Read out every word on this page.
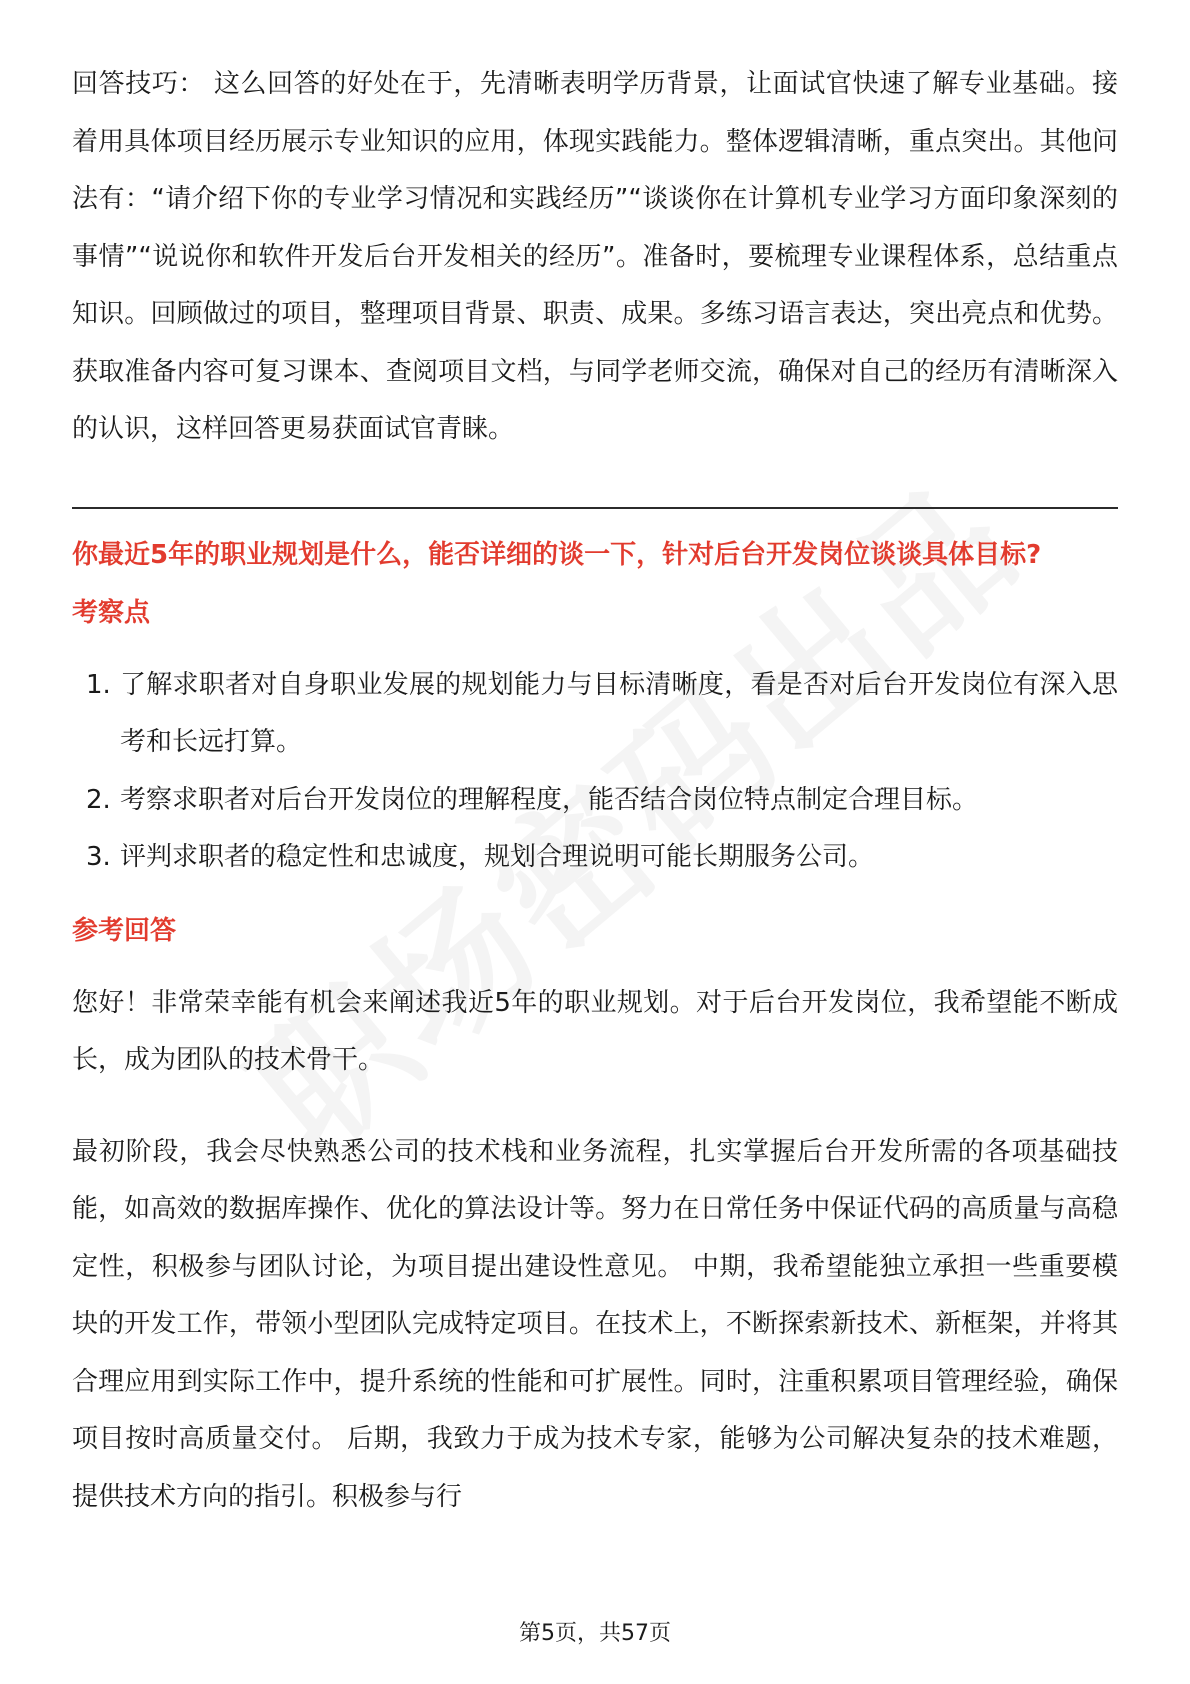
回答技巧： 这么回答的好处在于，先清晰表明学历背景，让面试官快速了解专业基础。接着用具体项目经历展示专业知识的应用，体现实践能力。整体逻辑清晰，重点突出。其他问法有：“请介绍下你的专业学习情况和实践经历”“谈谈你在计算机专业学习方面印象深刻的事情”“说说你和软件开发后台开发相关的经历”。准备时，要梳理专业课程体系，总结重点知识。回顾做过的项目，整理项目背景、职责、成果。多练习语言表达，突出亮点和优势。获取准备内容可复习课本、查阅项目文档，与同学老师交流，确保对自己的经历有清晰深入的认识，这样回答更易获面试官青睐。

你最近5年的职业规划是什么，能否详细的谈一下，针对后台开发岗位谈谈具体目标?
考察点
1. 了解求职者对自身职业发展的规划能力与目标清晰度，看是否对后台开发岗位有深入思考和长远打算。
2. 考察求职者对后台开发岗位的理解程度，能否结合岗位特点制定合理目标。
3. 评判求职者的稳定性和忠诚度，规划合理说明可能长期服务公司。
参考回答

您好！非常荣幸能有机会来阐述我近5年的职业规划。对于后台开发岗位，我希望能不断成长，成为团队的技术骨干。

最初阶段，我会尽快熟悉公司的技术栈和业务流程，扎实掌握后台开发所需的各项基础技能，如高效的数据库操作、优化的算法设计等。努力在日常任务中保证代码的高质量与高稳定性，积极参与团队讨论，为项目提出建设性意见。 中期，我希望能独立承担一些重要模块的开发工作，带领小型团队完成特定项目。在技术上，不断探索新技术、新框架，并将其合理应用到实际工作中，提升系统的性能和可扩展性。同时，注重积累项目管理经验，确保项目按时高质量交付。 后期，我致力于成为技术专家，能够为公司解决复杂的技术难题，提供技术方向的指引。积极参与行

第5页，共57页
